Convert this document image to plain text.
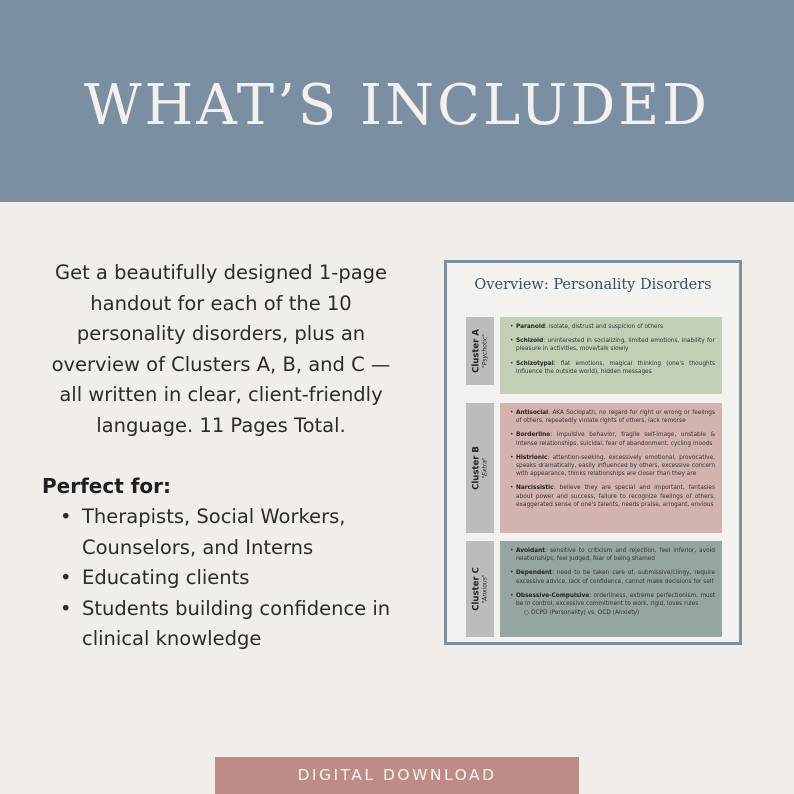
WHAT’S INCLUDED

Get a beautifully designed 1-page handout for each of the 10 personality disorders, plus an overview of Clusters A, B, and C — all written in clear, client-friendly language. 11 Pages Total.

Perfect for:
• Therapists, Social Workers, Counselors, and Interns
• Educating clients
• Students building confidence in clinical knowledge
Overview: Personality Disorders
Cluster A "Psychotic"
• Paranoid: isolate, distrust and suspicion of others
• Schizoid: uninterested in socializing, limited emotions, inability for pleasure in activities, move/talk slowly
• Schizotypal: flat emotions, magical thinking (one's thoughts influence the outside world), hidden messages
Cluster B "Extra"
• Antisocial: AKA Sociopath, no regard for right or wrong or feelings of others, repeatedly violate rights of others, lack remorse
• Borderline: impulsive behavior, fragile self-image, unstable & intense relationships, suicidal, fear of abandonment, cycling moods
• Histrionic: attention-seeking, excessively emotional, provocative, speaks dramatically, easily influenced by others, excessive concern with appearance, thinks relationships are closer than they are
• Narcissistic: believe they are special and important, fantasies about power and success, failure to recognize feelings of others, exaggerated sense of one's talents, needs praise, arrogant, envious
Cluster C "Anxious"
• Avoidant: sensitive to criticism and rejection, feel inferior, avoid relationships, feel judged, fear of being shamed
• Dependent: need to be taken care of, submissive/clingy, require excessive advice, lack of confidence, cannot make decisions for self
• Obsessive-Compulsive: orderliness, extreme perfectionism, must be in control, excessive commitment to work, rigid, loves rules
○ OCPD (Personality) vs. OCD (Anxiety)
DIGITAL DOWNLOAD
